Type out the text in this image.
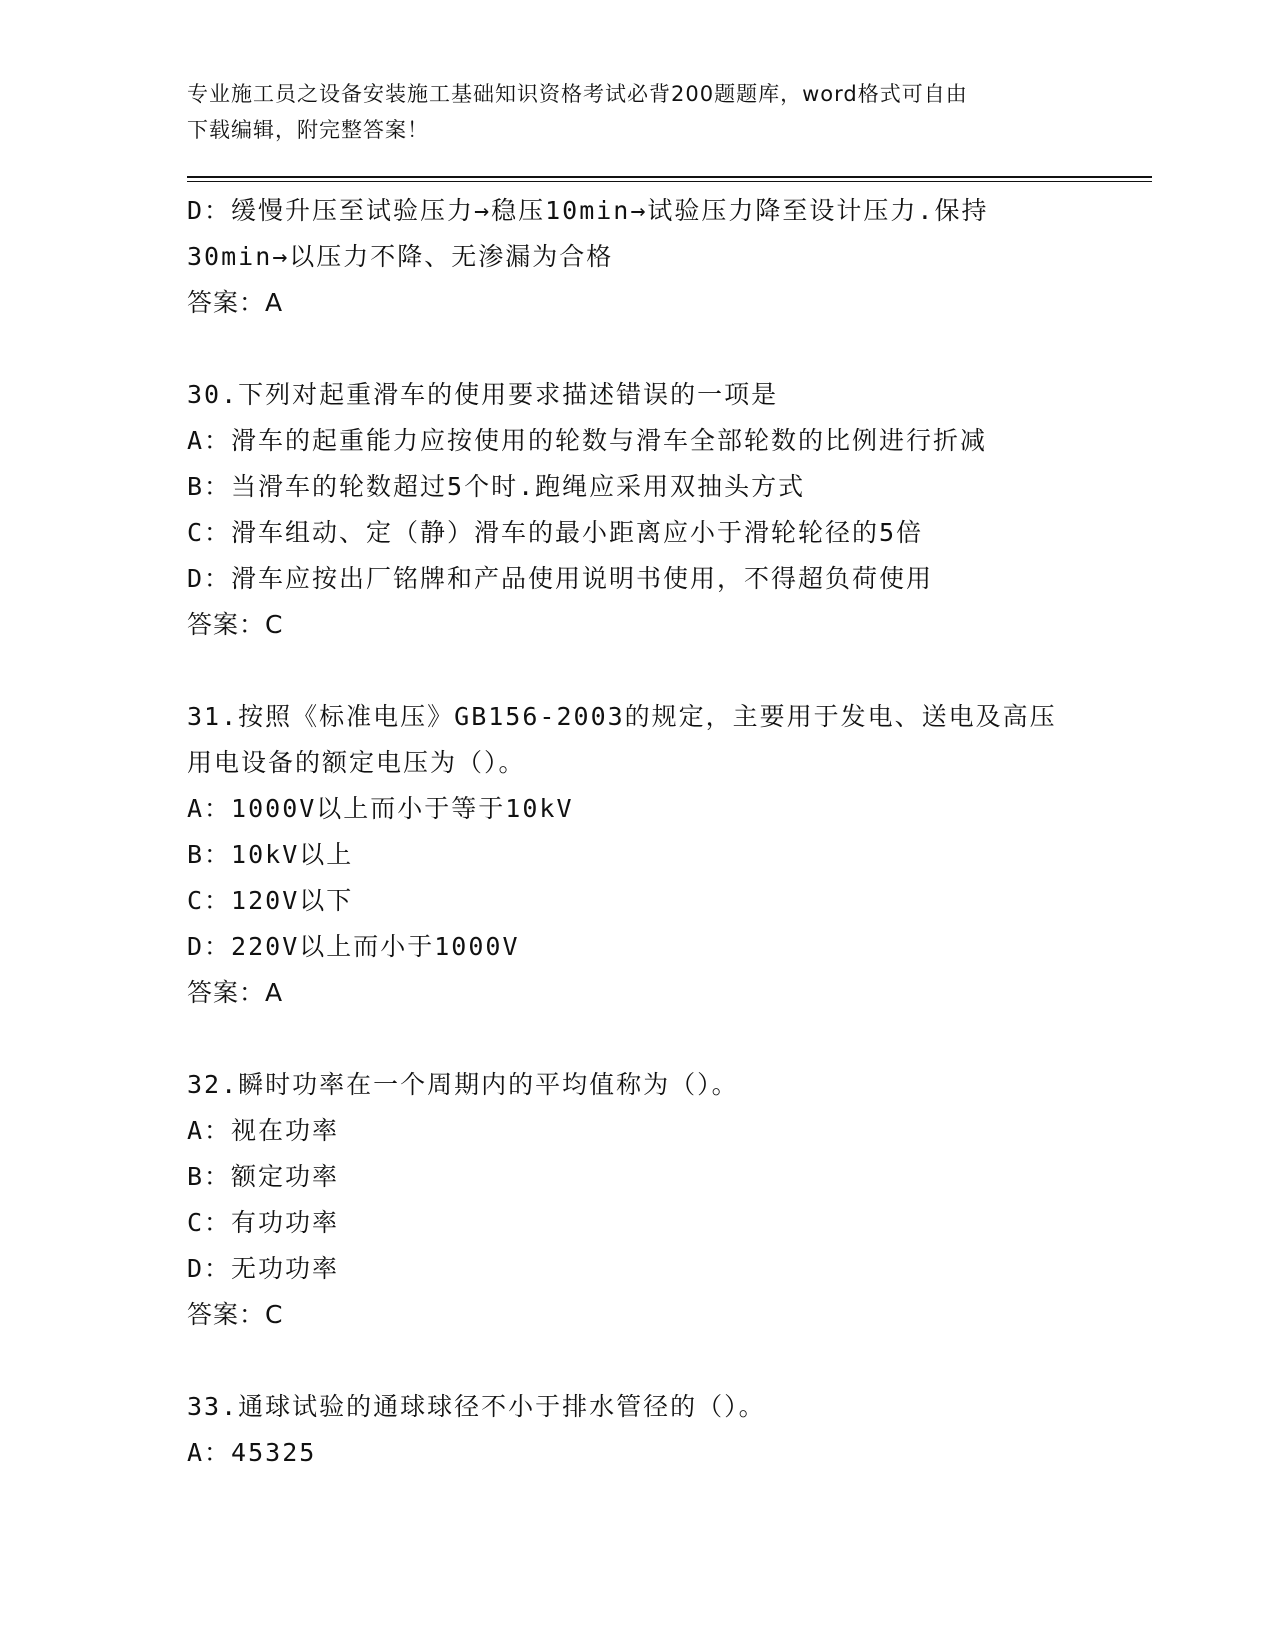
专业施工员之设备安装施工基础知识资格考试必背200题题库，word格式可自由
下载编辑，附完整答案！
D：缓慢升压至试验压力→稳压10min→试验压力降至设计压力.保持
30min→以压力不降、无渗漏为合格
答案：A
30.下列对起重滑车的使用要求描述错误的一项是
A：滑车的起重能力应按使用的轮数与滑车全部轮数的比例进行折减
B：当滑车的轮数超过5个时.跑绳应采用双抽头方式
C：滑车组动、定（静）滑车的最小距离应小于滑轮轮径的5倍
D：滑车应按出厂铭牌和产品使用说明书使用，不得超负荷使用
答案：C
31.按照《标准电压》GB156-2003的规定，主要用于发电、送电及高压
用电设备的额定电压为（）。
A：1000V以上而小于等于10kV
B：10kV以上
C：120V以下
D：220V以上而小于1000V
答案：A
32.瞬时功率在一个周期内的平均值称为（）。
A：视在功率
B：额定功率
C：有功功率
D：无功功率
答案：C
33.通球试验的通球球径不小于排水管径的（）。
A：45325
